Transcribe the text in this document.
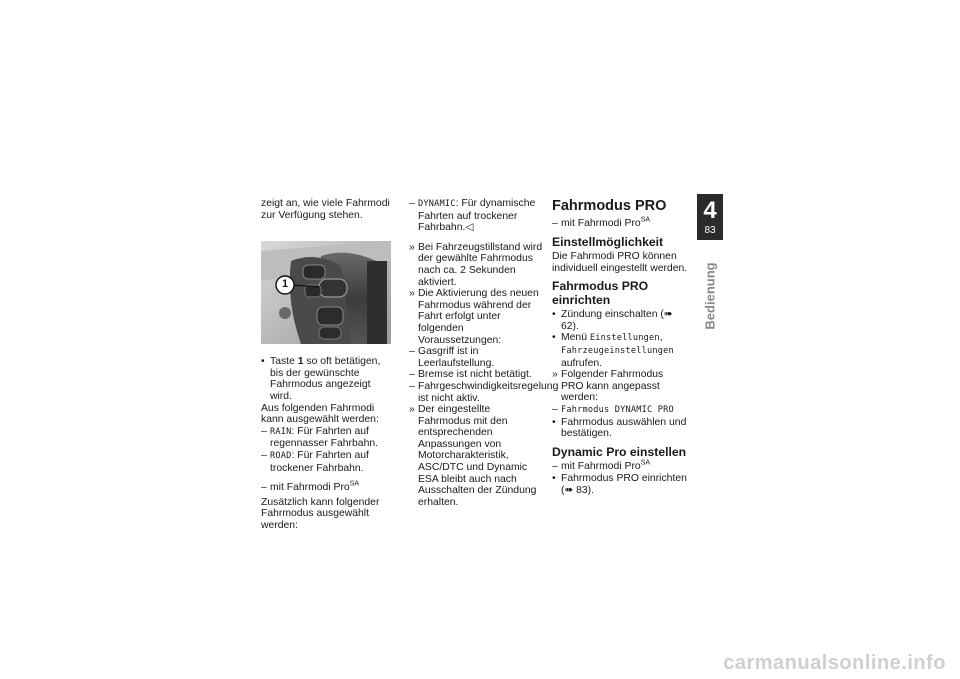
zeigt an, wie viele Fahrmodi zur Verfügung stehen.

1
• Taste 1 so oft betätigen, bis der gewünschte Fahrmodus angezeigt wird.

Aus folgenden Fahrmodi kann ausgewählt werden:

– RAIN: Für Fahrten auf regennasser Fahrbahn.
– ROAD: Für Fahrten auf trockener Fahrbahn.
– mit Fahrmodi Pro$^{SA}$

Zusätzlich kann folgender Fahrmodus ausgewählt werden:

– DYNAMIC: Für dynamische Fahrten auf trockener Fahrbahn.◁
» Bei Fahrzeugstillstand wird der gewählte Fahrmodus nach ca. 2 Sekunden aktiviert.
» Die Aktivierung des neuen Fahrmodus während der Fahrt erfolgt unter folgenden Voraussetzungen:
– Gasgriff ist in Leerlaufstellung.
– Bremse ist nicht betätigt.
– Fahrgeschwindigkeitsregelung ist nicht aktiv.
» Der eingestellte Fahrmodus mit den entsprechenden Anpassungen von Motorcharakteristik, ASC/DTC und Dynamic ESA bleibt auch nach Ausschalten der Zündung erhalten.
Fahrmodus PRO
– mit Fahrmodi Pro$^{SA}$
Einstellmöglichkeit

Die Fahrmodi PRO können individuell eingestellt werden.

Fahrmodus PRO einrichten
• Zündung einschalten (➠ 62).
• Menü Einstellungen,
Fahrzeugeinstellungen
aufrufen.
» Folgender Fahrmodus PRO kann angepasst werden:
– Fahrmodus DYNAMIC PRO
• Fahrmodus auswählen und bestätigen.
Dynamic Pro einstellen
– mit Fahrmodi Pro$^{SA}$
• Fahrmodus PRO einrichten
(➠ 83).
4
83
Bedienung
carmanualsonline.info
